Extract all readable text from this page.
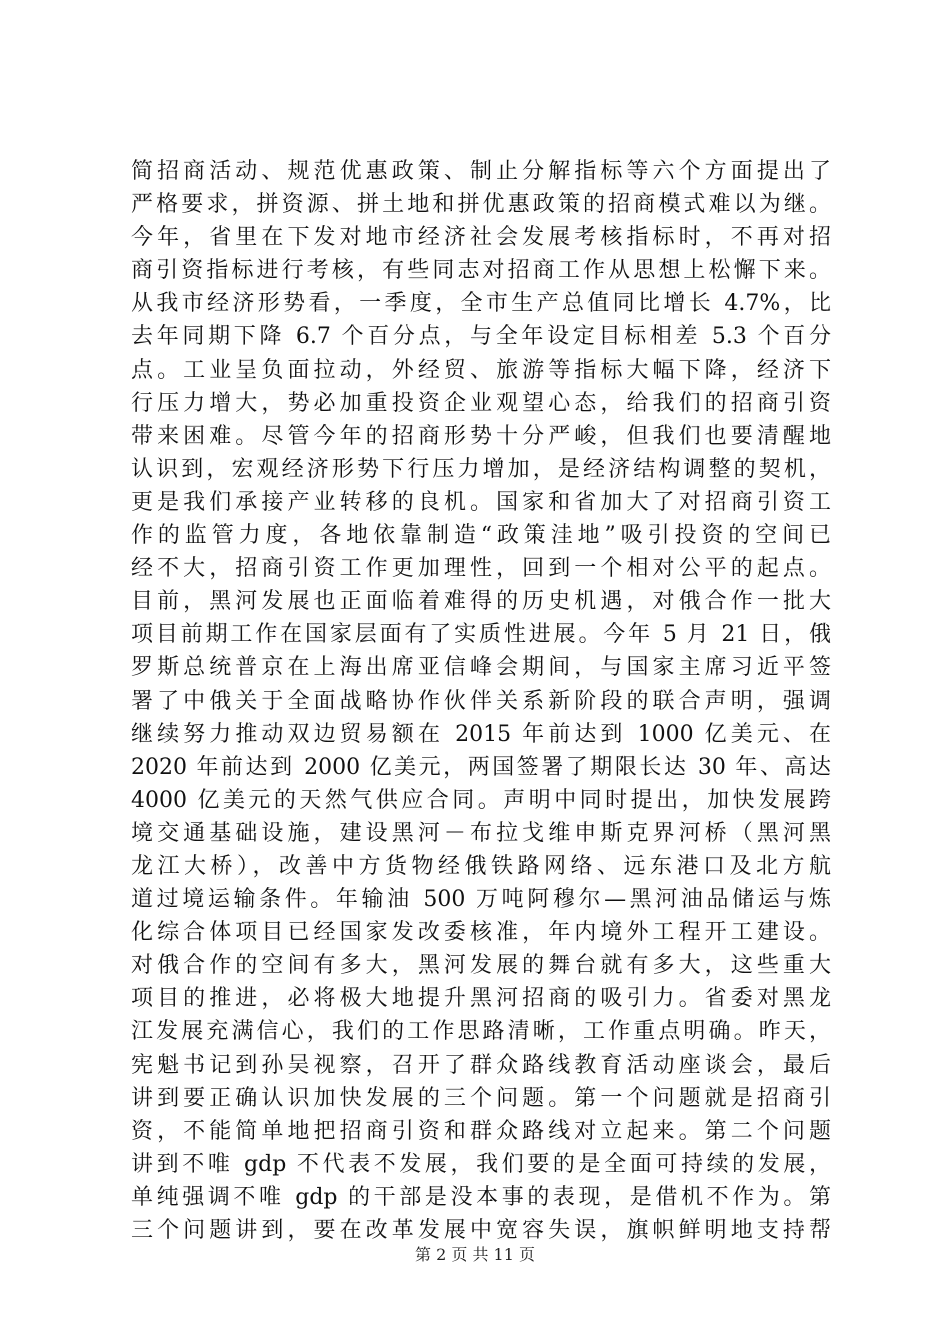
简招商活动、规范优惠政策、制止分解指标等六个方面提出了
严格要求，拼资源、拼土地和拼优惠政策的招商模式难以为继。
今年，省里在下发对地市经济社会发展考核指标时，不再对招
商引资指标进行考核，有些同志对招商工作从思想上松懈下来。
从我市经济形势看，一季度，全市生产总值同比增长 4.7%，比
去年同期下降 6.7 个百分点，与全年设定目标相差 5.3 个百分
点。工业呈负面拉动，外经贸、旅游等指标大幅下降，经济下
行压力增大，势必加重投资企业观望心态，给我们的招商引资
带来困难。尽管今年的招商形势十分严峻，但我们也要清醒地
认识到，宏观经济形势下行压力增加，是经济结构调整的契机，
更是我们承接产业转移的良机。国家和省加大了对招商引资工
作的监管力度，各地依靠制造“政策洼地”吸引投资的空间已
经不大，招商引资工作更加理性，回到一个相对公平的起点。
目前，黑河发展也正面临着难得的历史机遇，对俄合作一批大
项目前期工作在国家层面有了实质性进展。今年 5 月 21 日，俄
罗斯总统普京在上海出席亚信峰会期间，与国家主席习近平签
署了中俄关于全面战略协作伙伴关系新阶段的联合声明，强调
继续努力推动双边贸易额在 2015 年前达到 1000 亿美元、在
2020 年前达到 2000 亿美元，两国签署了期限长达 30 年、高达
4000 亿美元的天然气供应合同。声明中同时提出，加快发展跨
境交通基础设施，建设黑河－布拉戈维申斯克界河桥（黑河黑
龙江大桥），改善中方货物经俄铁路网络、远东港口及北方航
道过境运输条件。年输油 500 万吨阿穆尔—黑河油品储运与炼
化综合体项目已经国家发改委核准，年内境外工程开工建设。
对俄合作的空间有多大，黑河发展的舞台就有多大，这些重大
项目的推进，必将极大地提升黑河招商的吸引力。省委对黑龙
江发展充满信心，我们的工作思路清晰，工作重点明确。昨天，
宪魁书记到孙吴视察，召开了群众路线教育活动座谈会，最后
讲到要正确认识加快发展的三个问题。第一个问题就是招商引
资，不能简单地把招商引资和群众路线对立起来。第二个问题
讲到不唯 gdp 不代表不发展，我们要的是全面可持续的发展，
单纯强调不唯 gdp 的干部是没本事的表现，是借机不作为。第
三个问题讲到，要在改革发展中宽容失误，旗帜鲜明地支持帮
第 2 页 共 11 页
